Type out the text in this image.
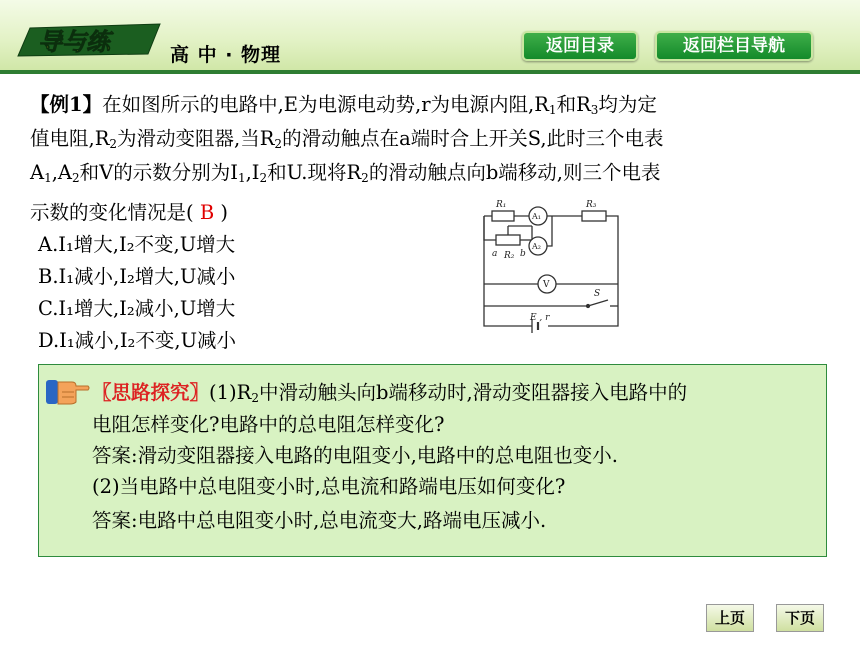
导与练	高 中 · 物理	返回目录	返回栏目导航
【例1】在如图所示的电路中,E为电源电动势,r为电源内阻$,R_1$和$R_3$均为定
值电阻$,R_2$为滑动变阻器,当$R_2$的滑动触点在a端时合上开关S,此时三个电表
$A_1,A_2$和V的示数分别为$I_1,I_2$和U.现将$R_2$的滑动触点向b端移动,则三个电表
示数的变化情况是( B )
A.I₁增大,I₂不变,U增大
B.I₁减小,I₂增大,U减小
C.I₁增大,I₂减小,U增大
D.I₁减小,I₂不变,U减小
R₁
A₁
R₃
A₂
a R₂ b
V
S
E , r
〖思路探究〗$(1)R_2$中滑动触头向b端移动时,滑动变阻器接入电路中的
电阻怎样变化?电路中的总电阻怎样变化?
答案:滑动变阻器接入电路的电阻变小,电路中的总电阻也变小.
(2)当电路中总电阻变小时,总电流和路端电压如何变化?
答案:电路中总电阻变小时,总电流变大,路端电压减小.
上页	下页
